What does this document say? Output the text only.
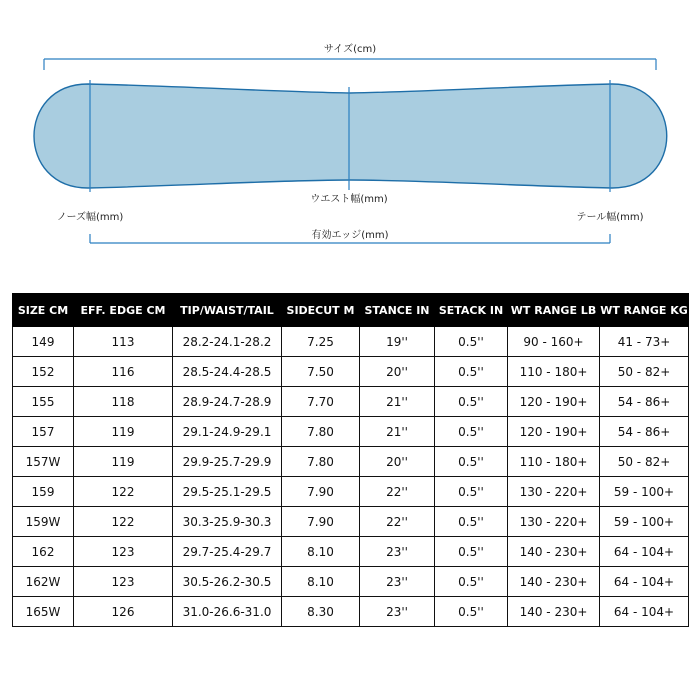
サイズ(cm)
ウエスト幅(mm)
ノーズ幅(mm)	テール幅(mm)
有効エッジ(mm)
SIZE CM	EFF. EDGE CM	TIP/WAIST/TAIL	SIDECUT M	STANCE IN	SETACK IN	WT RANGE LB	WT RANGE KG
149	113	28.2-24.1-28.2	7.25	19''	0.5''	90 - 160+	41 - 73+
152	116	28.5-24.4-28.5	7.50	20''	0.5''	110 - 180+	50 - 82+
155	118	28.9-24.7-28.9	7.70	21''	0.5''	120 - 190+	54 - 86+
157	119	29.1-24.9-29.1	7.80	21''	0.5''	120 - 190+	54 - 86+
157W	119	29.9-25.7-29.9	7.80	20''	0.5''	110 - 180+	50 - 82+
159	122	29.5-25.1-29.5	7.90	22''	0.5''	130 - 220+	59 - 100+
159W	122	30.3-25.9-30.3	7.90	22''	0.5''	130 - 220+	59 - 100+
162	123	29.7-25.4-29.7	8.10	23''	0.5''	140 - 230+	64 - 104+
162W	123	30.5-26.2-30.5	8.10	23''	0.5''	140 - 230+	64 - 104+
165W	126	31.0-26.6-31.0	8.30	23''	0.5''	140 - 230+	64 - 104+
